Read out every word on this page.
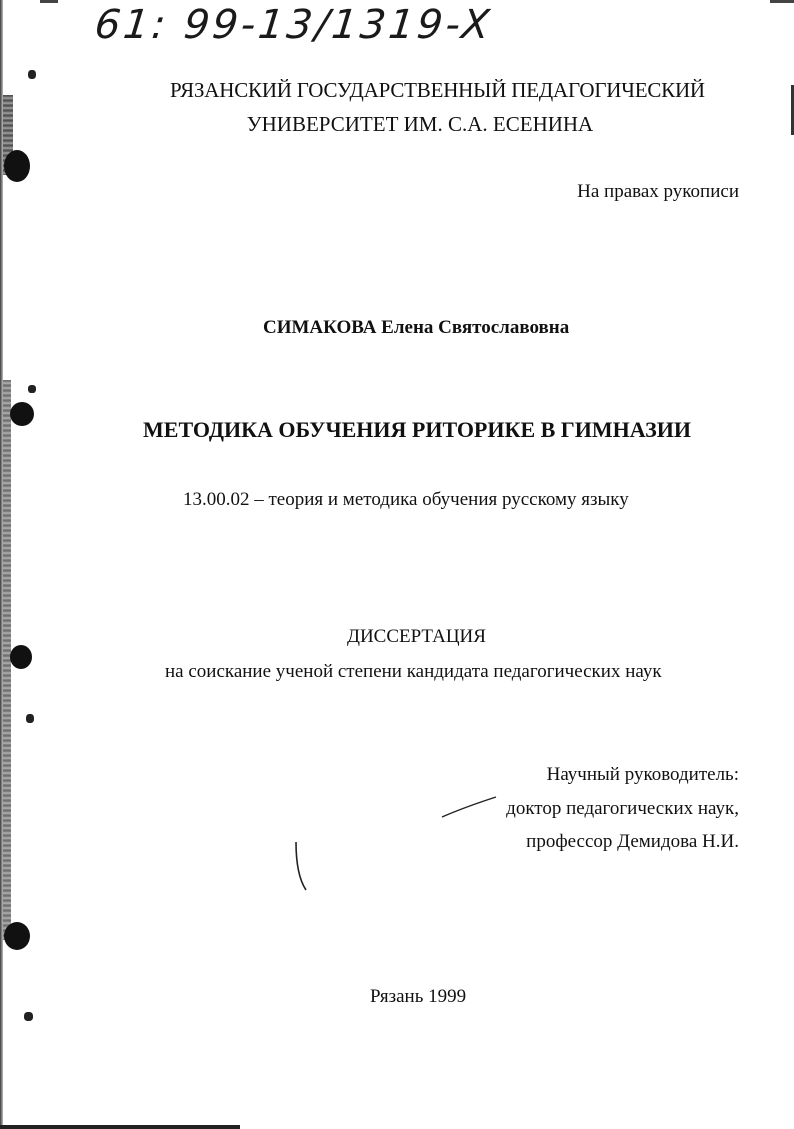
61: 99-13/1319-X
РЯЗАНСКИЙ ГОСУДАРСТВЕННЫЙ ПЕДАГОГИЧЕСКИЙ
УНИВЕРСИТЕТ ИМ. С.А. ЕСЕНИНА
На правах рукописи
СИМАКОВА Елена Святославовна
МЕТОДИКА ОБУЧЕНИЯ РИТОРИКЕ В ГИМНАЗИИ
13.00.02 – теория и методика обучения русскому языку
ДИССЕРТАЦИЯ
на соискание ученой степени кандидата педагогических наук
Научный руководитель:
доктор педагогических наук,
профессор Демидова Н.И.
Рязань 1999
